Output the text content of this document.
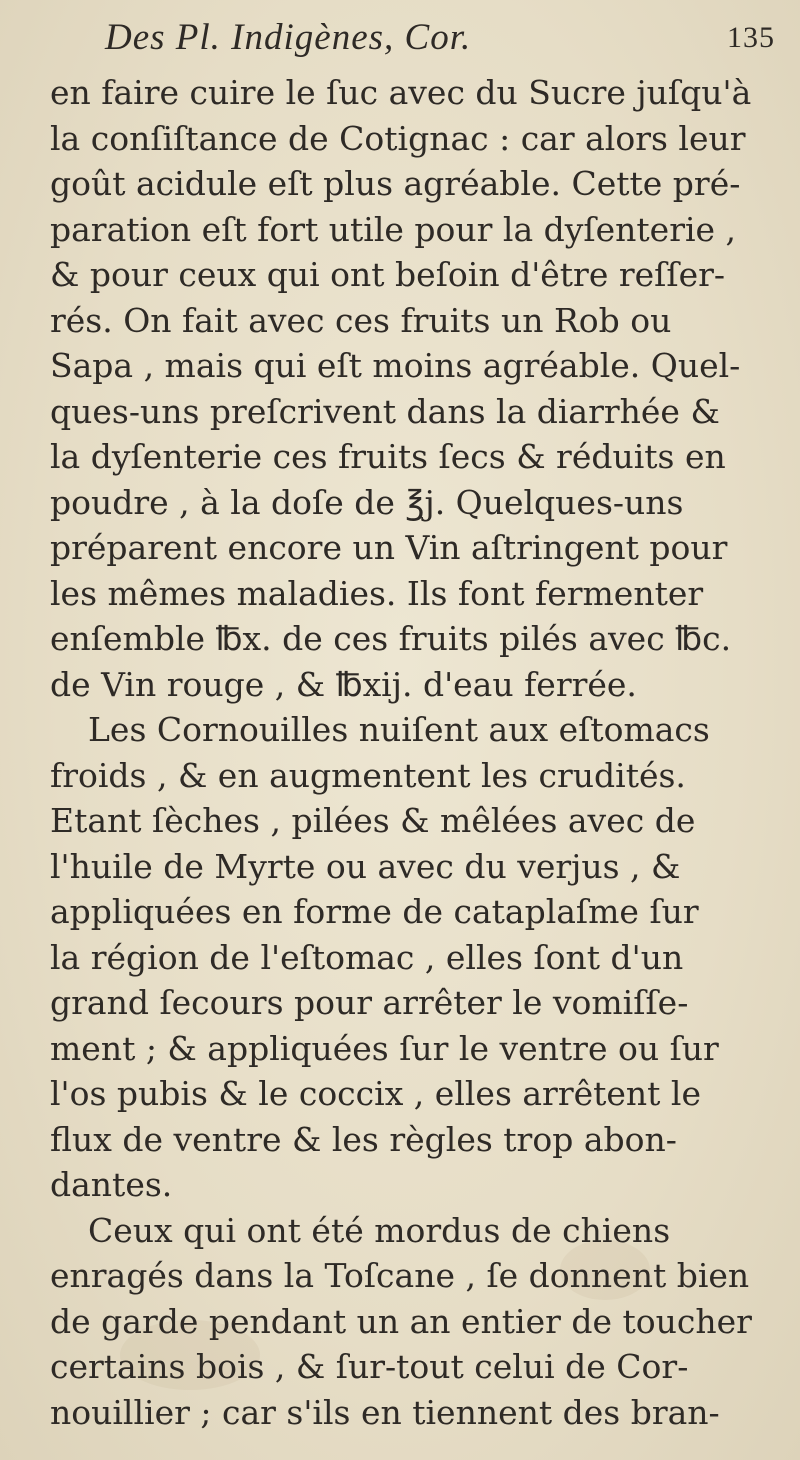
Des Pl. Indigènes, Cor.	135
en faire cuire le ſuc avec du Sucre juſqu'à
la conſiſtance de Cotignac : car alors leur
goût acidule eſt plus agréable. Cette pré-
paration eſt fort utile pour la dyſenterie ,
& pour ceux qui ont beſoin d'être reſſer-
rés. On fait avec ces fruits un Rob ou
Sapa , mais qui eſt moins agréable. Quel-
ques-uns preſcrivent dans la diarrhée &
la dyſenterie ces fruits ſecs & réduits en
poudre , à la doſe de ℥j. Quelques-uns
préparent encore un Vin aſtringent pour
les mêmes maladies. Ils font fermenter
enſemble ℔x. de ces fruits pilés avec ℔c.
de Vin rouge , & ℔xij. d'eau ferrée.
Les Cornouilles nuiſent aux eſtomacs
froids , & en augmentent les crudités.
Etant ſèches , pilées & mêlées avec de
l'huile de Myrte ou avec du verjus , &
appliquées en forme de cataplaſme ſur
la région de l'eſtomac , elles ſont d'un
grand ſecours pour arrêter le vomiſſe-
ment ; & appliquées ſur le ventre ou ſur
l'os pubis & le coccix , elles arrêtent le
flux de ventre & les règles trop abon-
dantes.
Ceux qui ont été mordus de chiens
enragés dans la Toſcane , ſe donnent bien
de garde pendant un an entier de toucher
certains bois , & ſur-tout celui de Cor-
nouillier ; car s'ils en tiennent des bran-
